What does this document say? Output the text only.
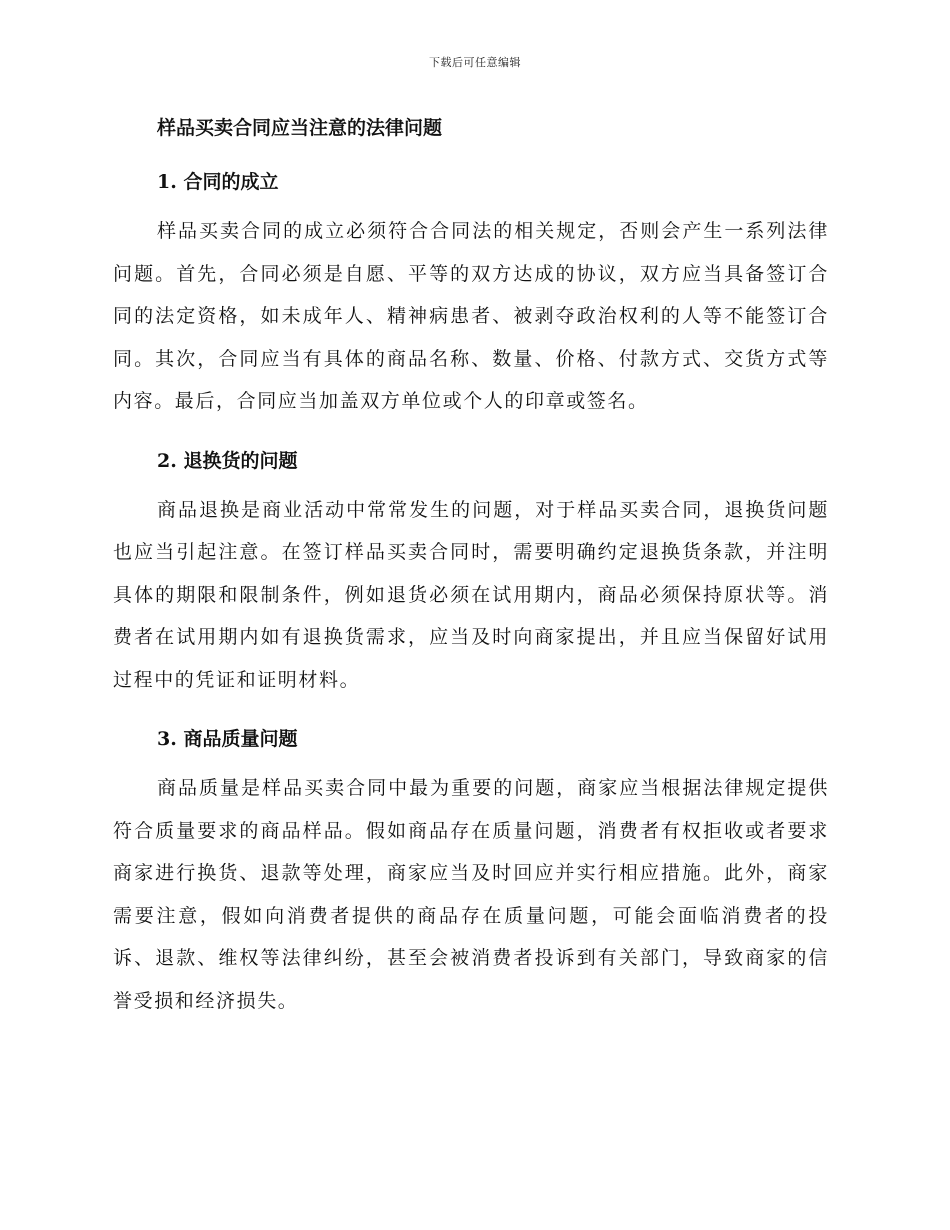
下载后可任意编辑
样品买卖合同应当注意的法律问题
1. 合同的成立

样品买卖合同的成立必须符合合同法的相关规定，否则会产生一系列法律问题。首先，合同必须是自愿、平等的双方达成的协议，双方应当具备签订合同的法定资格，如未成年人、精神病患者、被剥夺政治权利的人等不能签订合同。其次，合同应当有具体的商品名称、数量、价格、付款方式、交货方式等内容。最后，合同应当加盖双方单位或个人的印章或签名。

2. 退换货的问题

商品退换是商业活动中常常发生的问题，对于样品买卖合同，退换货问题也应当引起注意。在签订样品买卖合同时，需要明确约定退换货条款，并注明具体的期限和限制条件，例如退货必须在试用期内，商品必须保持原状等。消费者在试用期内如有退换货需求，应当及时向商家提出，并且应当保留好试用过程中的凭证和证明材料。

3. 商品质量问题

商品质量是样品买卖合同中最为重要的问题，商家应当根据法律规定提供符合质量要求的商品样品。假如商品存在质量问题，消费者有权拒收或者要求商家进行换货、退款等处理，商家应当及时回应并实行相应措施。此外，商家需要注意，假如向消费者提供的商品存在质量问题，可能会面临消费者的投诉、退款、维权等法律纠纷，甚至会被消费者投诉到有关部门，导致商家的信誉受损和经济损失。
